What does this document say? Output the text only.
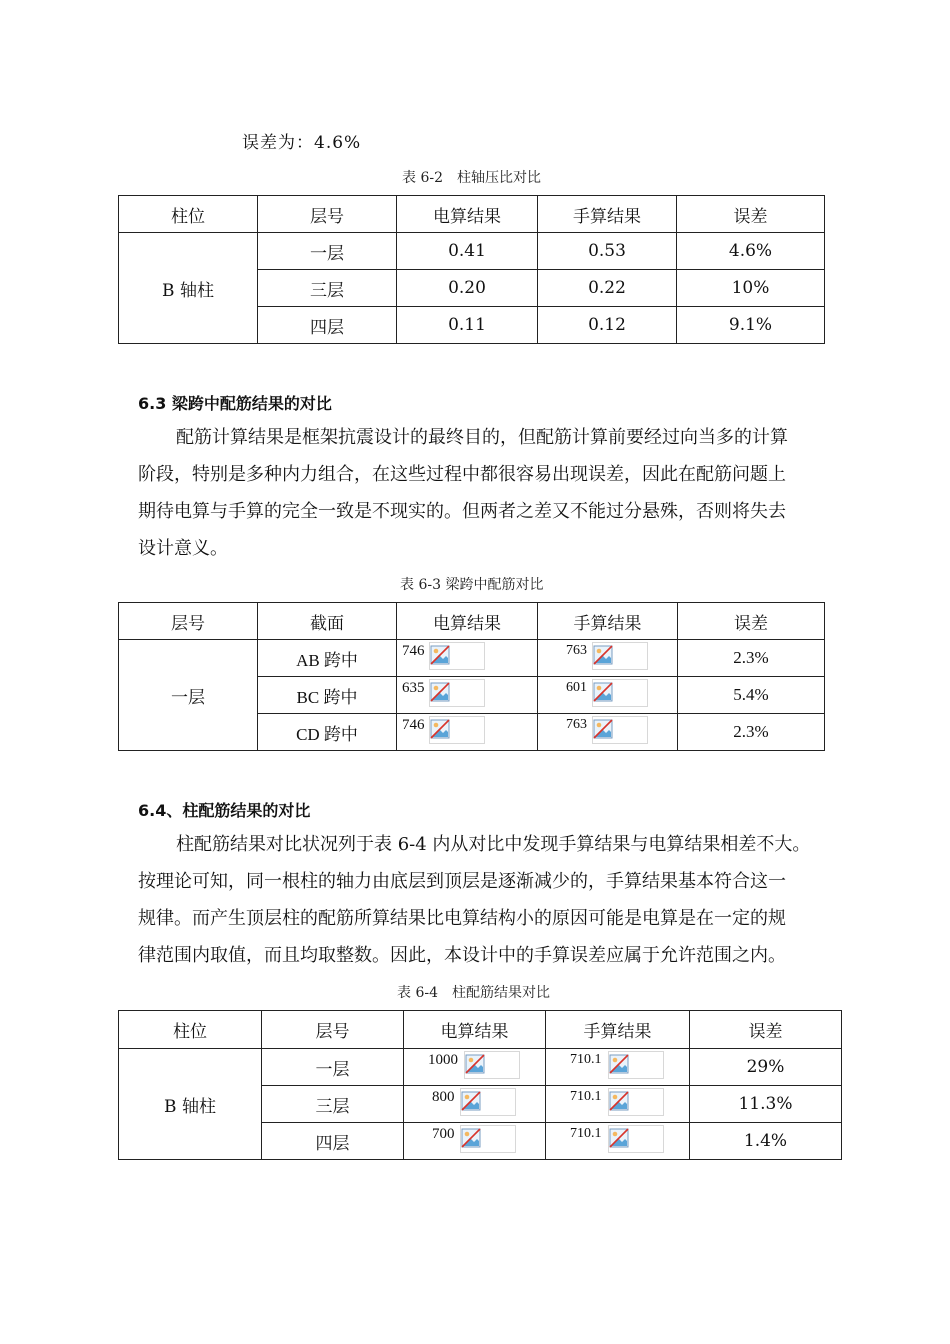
误差为：4.6%
表 6-2　柱轴压比对比
柱位	层号	电算结果	手算结果	误差
B 轴柱	一层	0.41	0.53	4.6%
	三层	0.20	0.22	10%
	四层	0.11	0.12	9.1%
6.3 梁跨中配筋结果的对比
配筋计算结果是框架抗震设计的最终目的，但配筋计算前要经过向当多的计算
阶段，特别是多种内力组合，在这些过程中都很容易出现误差，因此在配筋问题上
期待电算与手算的完全一致是不现实的。但两者之差又不能过分悬殊，否则将失去
设计意义。
表 6-3 梁跨中配筋对比
层号	截面	电算结果	手算结果	误差
一层	AB 跨中	746	763	2.3%
	BC 跨中	635	601	5.4%
	CD 跨中	746	763	2.3%
6.4、柱配筋结果的对比
柱配筋结果对比状况列于表 6-4 内从对比中发现手算结果与电算结果相差不大。
按理论可知，同一根柱的轴力由底层到顶层是逐渐减少的，手算结果基本符合这一
规律。而产生顶层柱的配筋所算结果比电算结构小的原因可能是电算是在一定的规
律范围内取值，而且均取整数。因此，本设计中的手算误差应属于允许范围之内。
表 6-4　柱配筋结果对比
柱位	层号	电算结果	手算结果	误差
B 轴柱	一层	1000	710.1	29%
	三层	800	710.1	11.3%
	四层	700	710.1	1.4%
